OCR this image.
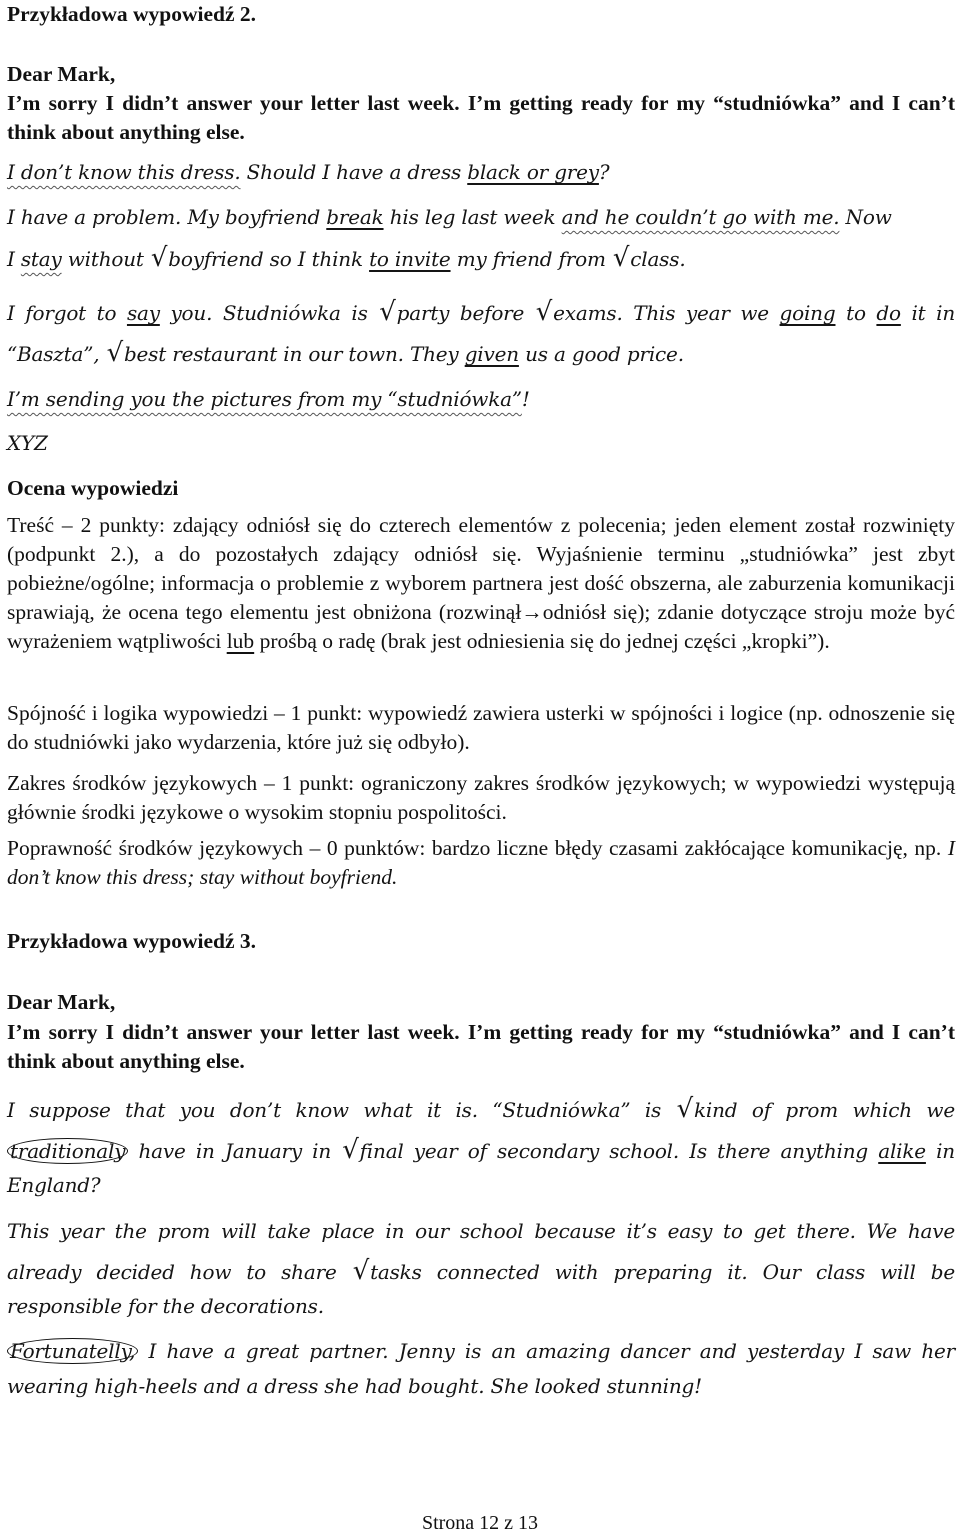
Przykładowa wypowiedź 2.
Dear Mark,
I’m sorry I didn’t answer your letter last week. I’m getting ready for my “studniówka” and I can’t think about anything else.
I don’t know this dress. Should I have a dress black or grey?
I have a problem. My boyfriend break his leg last week and he couldn’t go with me. Now
I stay without √boyfriend so I think to invite my friend from √class.
I forgot to say you. Studniówka is √party before √exams. This year we going to do it in
“Baszta”, √best restaurant in our town. They given us a good price.
I’m sending you the pictures from my “studniówka”!
XYZ
Ocena wypowiedzi

Treść – 2 punkty: zdający odniósł się do czterech elementów z polecenia; jeden element został rozwinięty (podpunkt 2.), a do pozostałych zdający odniósł się. Wyjaśnienie terminu „studniówka” jest zbyt pobieżne/ogólne; informacja o problemie z wyborem partnera jest dość obszerna, ale zaburzenia komunikacji sprawiają, że ocena tego elementu jest obniżona (rozwinął→odniósł się); zdanie dotyczące stroju może być wyrażeniem wątpliwości lub prośbą o radę (brak jest odniesienia się do jednej części „kropki”).

Spójność i logika wypowiedzi – 1 punkt: wypowiedź zawiera usterki w spójności i logice (np. odnoszenie się do studniówki jako wydarzenia, które już się odbyło).
Zakres środków językowych – 1 punkt: ograniczony zakres środków językowych; w wypowiedzi występują głównie środki językowe o wysokim stopniu pospolitości.

Poprawność środków językowych – 0 punktów: bardzo liczne błędy czasami zakłócające komunikację, np. I don’t know this dress; stay without boyfriend.

Przykładowa wypowiedź 3.
Dear Mark,
I’m sorry I didn’t answer your letter last week. I’m getting ready for my “studniówka” and I can’t think about anything else.
I suppose that you don’t know what it is. “Studniówka” is √kind of prom which we
traditionaly have in January in √final year of secondary school. Is there anything alike in
England?
This year the prom will take place in our school because it’s easy to get there. We have
already decided how to share √tasks connected with preparing it. Our class will be
responsible for the decorations.
Fortunatelly, I have a great partner. Jenny is an amazing dancer and yesterday I saw her
wearing high-heels and a dress she had bought. She looked stunning!
Strona 12 z 13
